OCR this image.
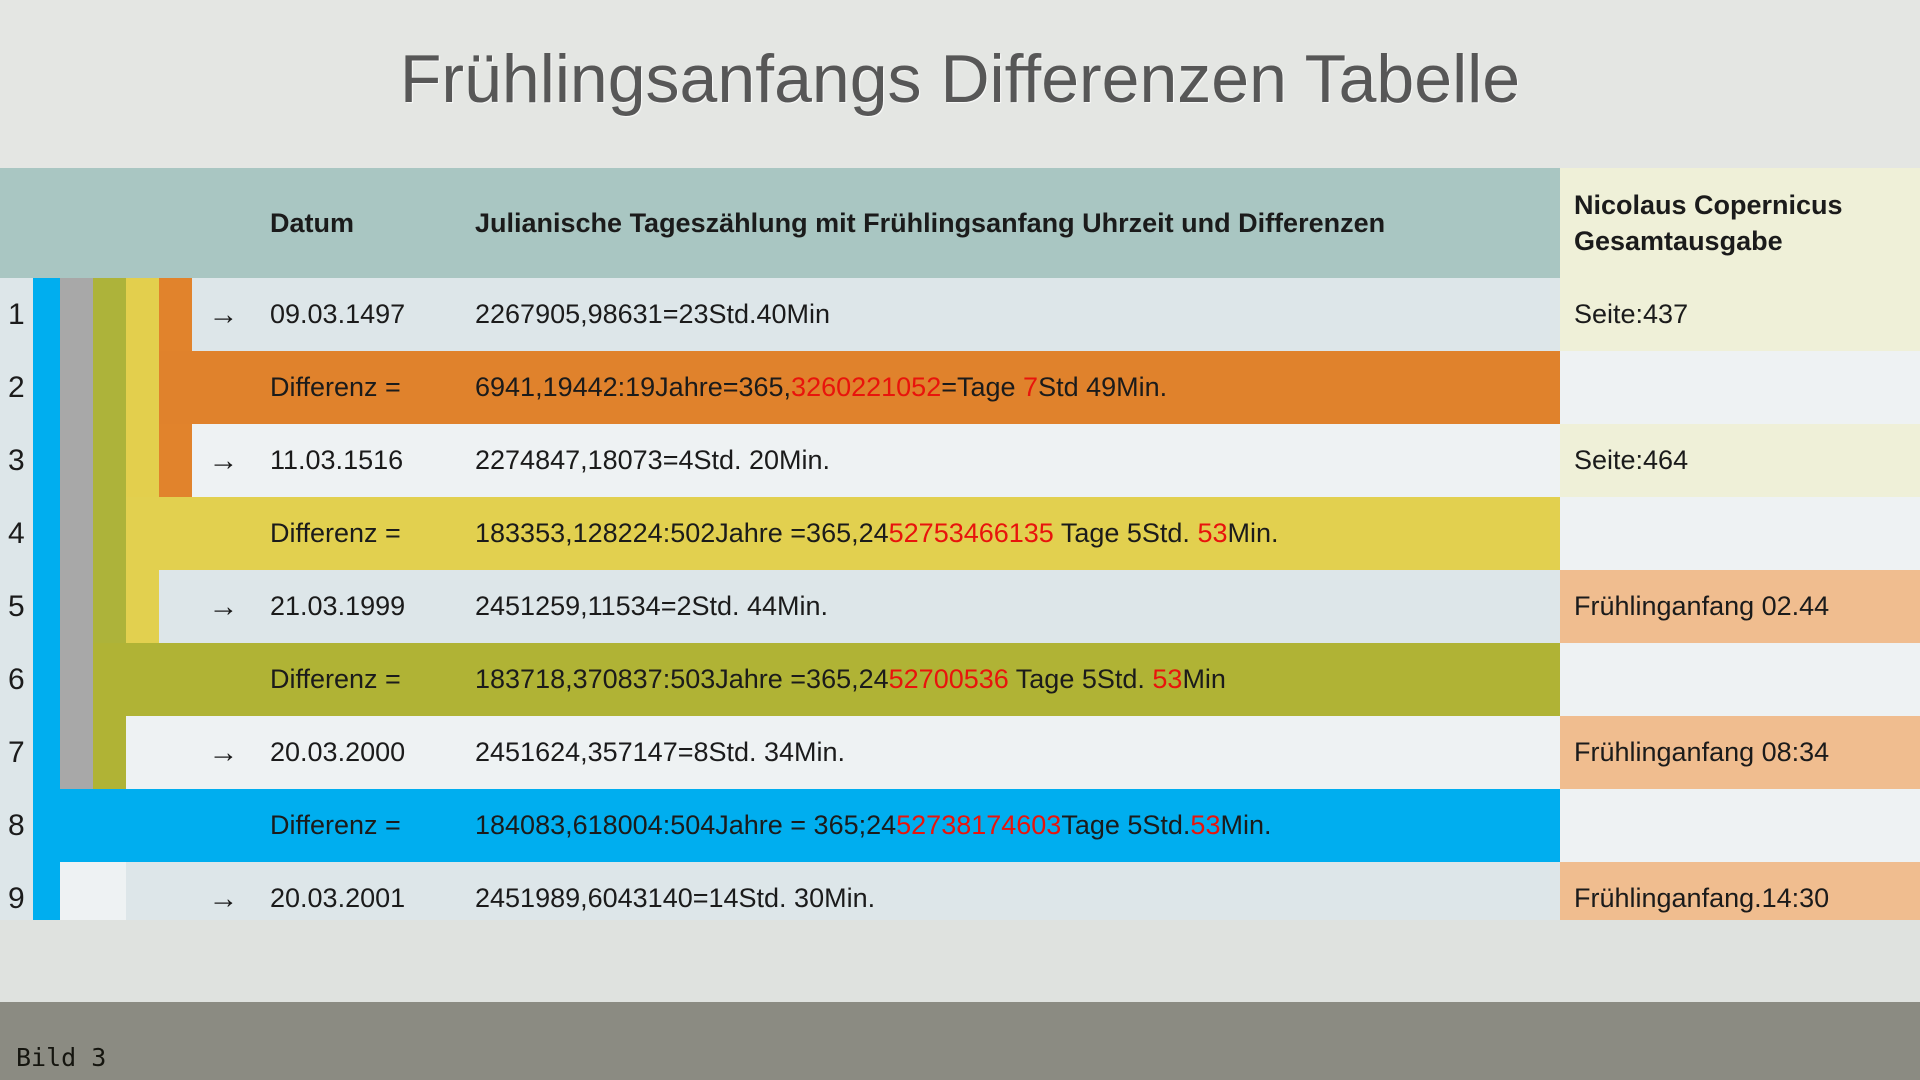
Frühlingsanfangs Differenzen Tabelle
							Datum	Julianische Tageszählung mit Frühlingsanfang Uhrzeit und Differenzen	Nicolaus Copernicus Gesamtausgabe
1						→	09.03.1497	2267905,98631=23Std.40Min	Seite:437
2							Differenz =	6941,19442:19Jahre=365,3260221052=Tage 7Std 49Min.	
3						→	11.03.1516	2274847,18073=4Std. 20Min.	Seite:464
4							Differenz =	183353,128224:502Jahre =365,2452753466135 Tage 5Std. 53Min.	
5						→	21.03.1999	2451259,11534=2Std. 44Min.	Frühlinganfang 02.44
6							Differenz =	183718,370837:503Jahre =365,2452700536 Tage 5Std. 53Min	
7						→	20.03.2000	2451624,357147=8Std. 34Min.	Frühlinganfang 08:34
8							Differenz =	184083,618004:504Jahre = 365;2452738174603Tage 5Std.53Min.	
9						→	20.03.2001	2451989,6043140=14Std. 30Min.	Frühlinganfang.14:30
Bild 3
